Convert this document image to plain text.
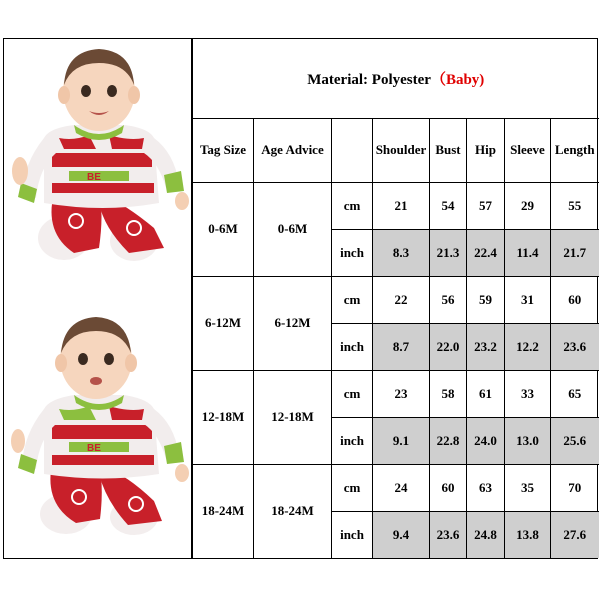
BE
BE
Material: Polyester（Baby)							
Tag Size	Age Advice		Shoulder	Bust	Hip	Sleeve	Length
0-6M	0-6M	cm	21	54	57	29	55
		inch	8.3	21.3	22.4	11.4	21.7
6-12M	6-12M	cm	22	56	59	31	60
		inch	8.7	22.0	23.2	12.2	23.6
12-18M	12-18M	cm	23	58	61	33	65
		inch	9.1	22.8	24.0	13.0	25.6
18-24M	18-24M	cm	24	60	63	35	70
		inch	9.4	23.6	24.8	13.8	27.6
